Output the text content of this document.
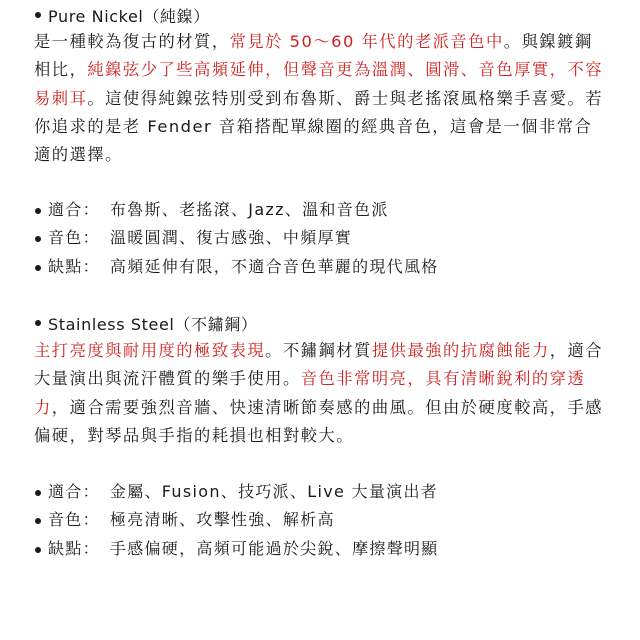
Pure Nickel（純鎳）

是一種較為復古的材質，常見於 50～60 年代的老派音色中。與鎳鍍鋼相比，純鎳弦少了些高頻延伸，但聲音更為溫潤、圓滑、音色厚實，不容易刺耳。這使得純鎳弦特別受到布魯斯、爵士與老搖滾風格樂手喜愛。若你追求的是老 Fender 音箱搭配單線圈的經典音色，這會是一個非常合適的選擇。

適合： 布魯斯、老搖滾、Jazz、溫和音色派
音色： 溫暖圓潤、復古感強、中頻厚實
缺點： 高頻延伸有限，不適合音色華麗的現代風格
Stainless Steel（不鏽鋼）

主打亮度與耐用度的極致表現。不鏽鋼材質提供最強的抗腐蝕能力，適合大量演出與流汗體質的樂手使用。音色非常明亮，具有清晰銳利的穿透力，適合需要強烈音牆、快速清晰節奏感的曲風。但由於硬度較高，手感偏硬，對琴品與手指的耗損也相對較大。

適合： 金屬、Fusion、技巧派、Live 大量演出者
音色： 極亮清晰、攻擊性強、解析高
缺點： 手感偏硬，高頻可能過於尖銳、摩擦聲明顯
